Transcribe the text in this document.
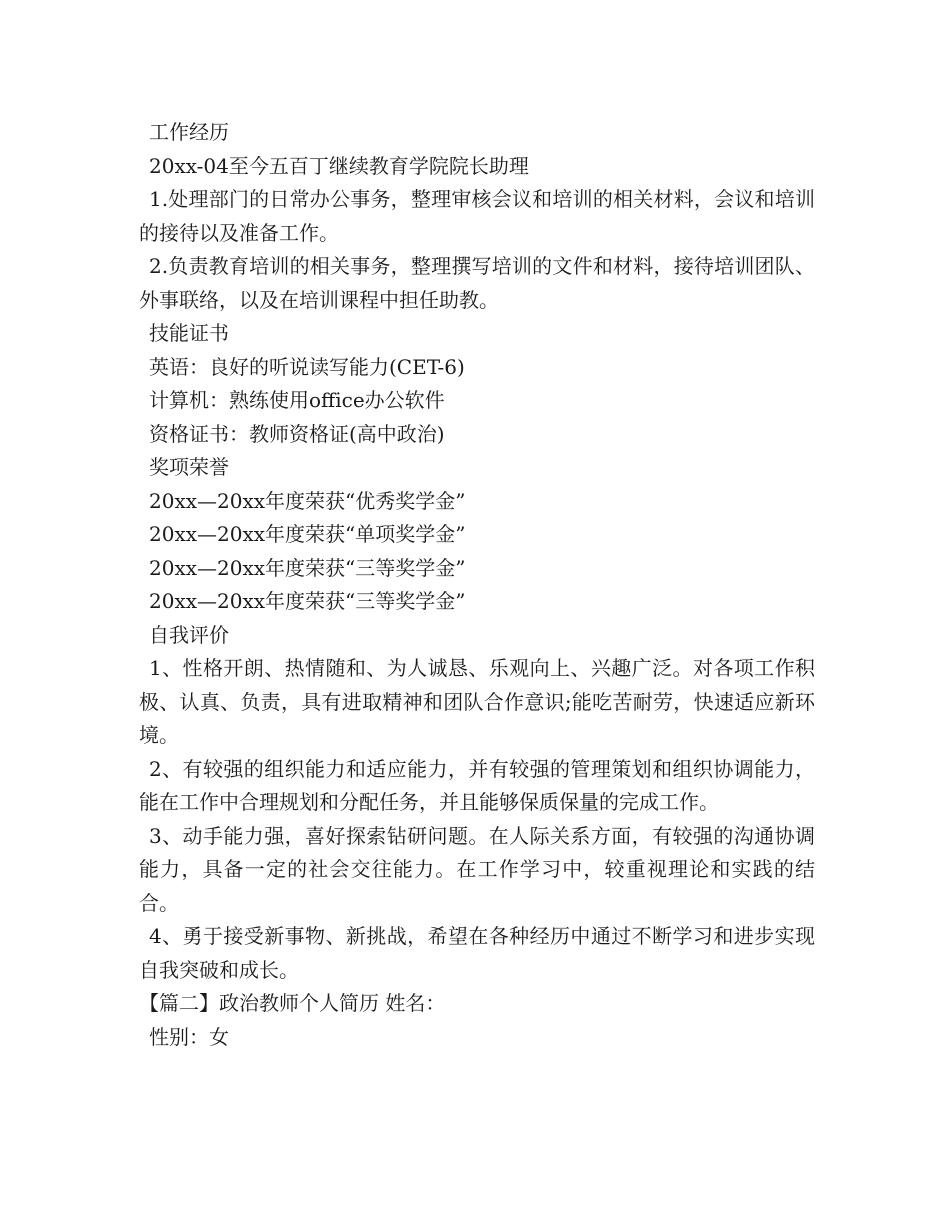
工作经历
20xx-04至今五百丁继续教育学院院长助理

1.处理部门的日常办公事务，整理审核会议和培训的相关材料，会议和培训的接待以及准备工作。

2.负责教育培训的相关事务，整理撰写培训的文件和材料，接待培训团队、外事联络，以及在培训课程中担任助教。

技能证书
英语：良好的听说读写能力(CET-6)
计算机：熟练使用office办公软件
资格证书：教师资格证(高中政治)
奖项荣誉
20xx—20xx年度荣获“优秀奖学金”
20xx—20xx年度荣获“单项奖学金”
20xx—20xx年度荣获“三等奖学金”
20xx—20xx年度荣获“三等奖学金”
自我评价

1、性格开朗、热情随和、为人诚恳、乐观向上、兴趣广泛。对各项工作积极、认真、负责，具有进取精神和团队合作意识;能吃苦耐劳，快速适应新环境。

2、有较强的组织能力和适应能力，并有较强的管理策划和组织协调能力，能在工作中合理规划和分配任务，并且能够保质保量的完成工作。

3、动手能力强，喜好探索钻研问题。在人际关系方面，有较强的沟通协调能力，具备一定的社会交往能力。在工作学习中，较重视理论和实践的结合。

4、勇于接受新事物、新挑战，希望在各种经历中通过不断学习和进步实现自我突破和成长。

【篇二】政治教师个人简历 姓名：
性别：女
